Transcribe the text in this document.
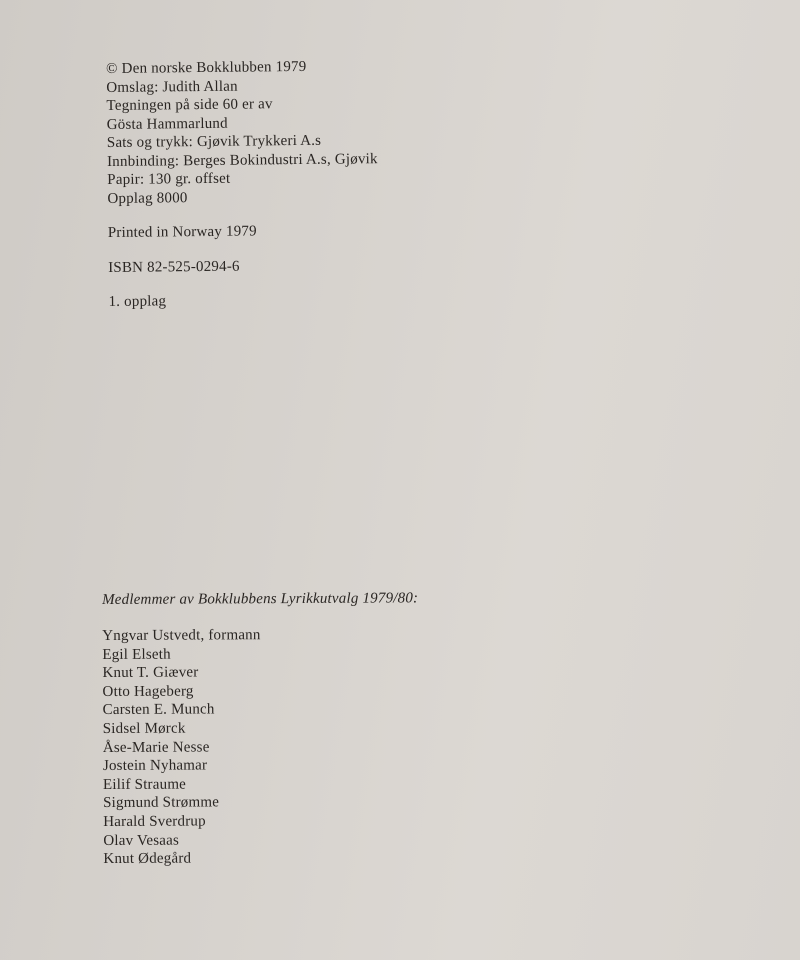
© Den norske Bokklubben 1979
Omslag: Judith Allan
Tegningen på side 60 er av
Gösta Hammarlund
Sats og trykk: Gjøvik Trykkeri A.s
Innbinding: Berges Bokindustri A.s, Gjøvik
Papir: 130 gr. offset
Opplag 8000
Printed in Norway 1979
ISBN 82-525-0294-6
1. opplag
Medlemmer av Bokklubbens Lyrikkutvalg 1979/80:
Yngvar Ustvedt, formann
Egil Elseth
Knut T. Giæver
Otto Hageberg
Carsten E. Munch
Sidsel Mørck
Åse-Marie Nesse
Jostein Nyhamar
Eilif Straume
Sigmund Strømme
Harald Sverdrup
Olav Vesaas
Knut Ødegård
